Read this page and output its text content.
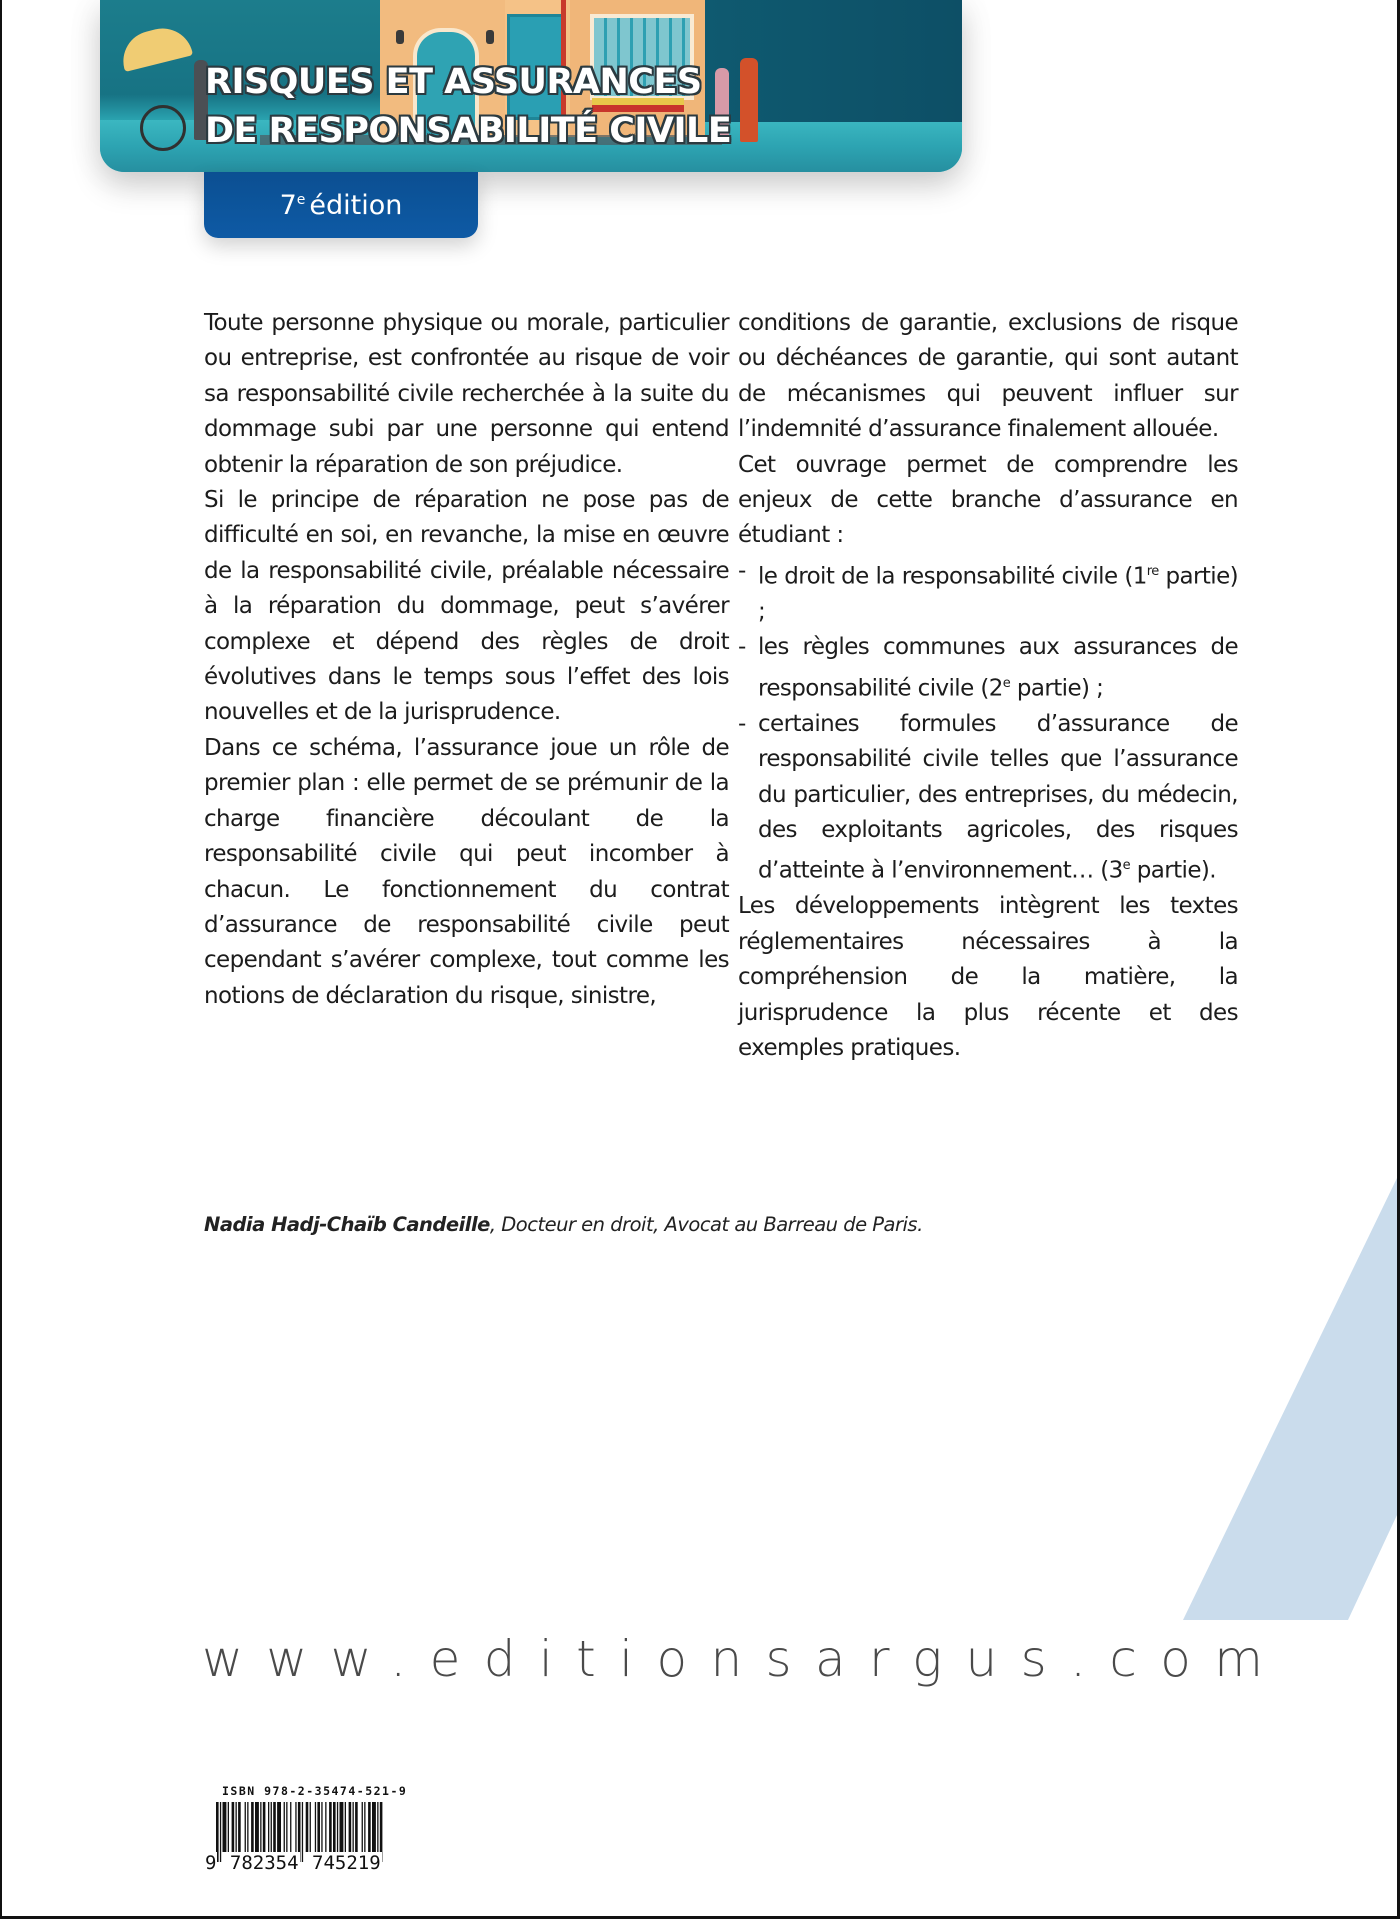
RISQUES ET ASSURANCES
DE RESPONSABILITÉ CIVILE
7e édition

Toute personne physique ou morale, particulier ou entreprise, est confrontée au risque de voir sa responsabilité civile recherchée à la suite du dommage subi par une personne qui entend obtenir la réparation de son préjudice.

Si le principe de réparation ne pose pas de difficulté en soi, en revanche, la mise en œuvre de la responsabilité civile, préalable nécessaire à la réparation du dommage, peut s’avérer complexe et dépend des règles de droit évolutives dans le temps sous l’effet des lois nouvelles et de la jurisprudence.

Dans ce schéma, l’assurance joue un rôle de premier plan : elle permet de se prémunir de la charge financière découlant de la responsabilité civile qui peut incomber à chacun. Le fonctionnement du contrat d’assurance de responsabilité civile peut cependant s’avérer complexe, tout comme les notions de déclaration du risque, sinistre,

conditions de garantie, exclusions de risque ou déchéances de garantie, qui sont autant de mécanismes qui peuvent influer sur l’indemnité d’assurance finalement allouée.

Cet ouvrage permet de comprendre les enjeux de cette branche d’assurance en étudiant :

- le droit de la responsabilité civile (1re partie) ;
- les règles communes aux assurances de responsabilité civile (2e partie) ;
- certaines formules d’assurance de responsabilité civile telles que l’assurance du particulier, des entreprises, du médecin, des exploitants agricoles, des risques d’atteinte à l’environnement… (3e partie).

Les développements intègrent les textes réglementaires nécessaires à la compréhension de la matière, la jurisprudence la plus récente et des exemples pratiques.

Nadia Hadj-Chaïb Candeille, Docteur en droit, Avocat au Barreau de Paris.
www.editionsargus.com
ISBN 978-2-35474-521-9
9 782354 745219
